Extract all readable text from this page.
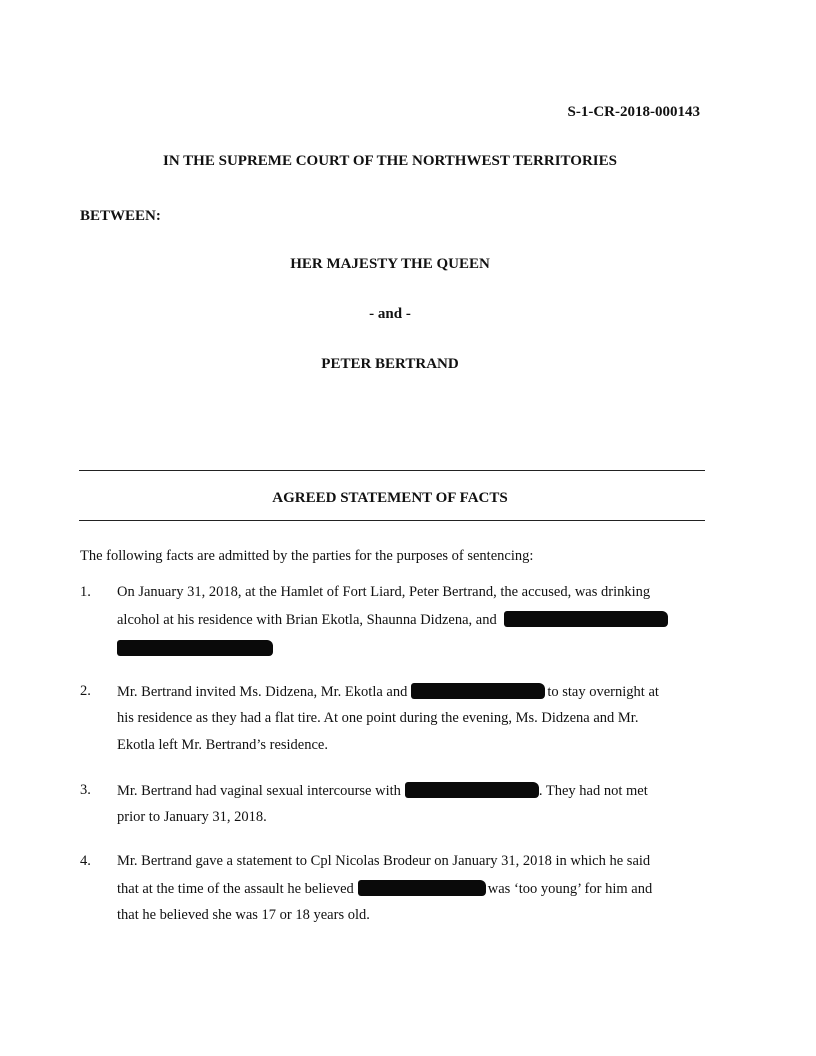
S-1-CR-2018-000143
IN THE SUPREME COURT OF THE NORTHWEST TERRITORIES
BETWEEN:
HER MAJESTY THE QUEEN
- and -
PETER BERTRAND
AGREED STATEMENT OF FACTS
The following facts are admitted by the parties for the purposes of sentencing:
1. On January 31, 2018, at the Hamlet of Fort Liard, Peter Bertrand, the accused, was drinking
alcohol at his residence with Brian Ekotla, Shaunna Didzena, and
2. Mr. Bertrand invited Ms. Didzena, Mr. Ekotla and	to stay overnight at
his residence as they had a flat tire. At one point during the evening, Ms. Didzena and Mr.
Ekotla left Mr. Bertrand’s residence.
3. Mr. Bertrand had vaginal sexual intercourse with	. They had not met
prior to January 31, 2018.
4. Mr. Bertrand gave a statement to Cpl Nicolas Brodeur on January 31, 2018 in which he said
that at the time of the assault he believed	was ‘too young’ for him and
that he believed she was 17 or 18 years old.
